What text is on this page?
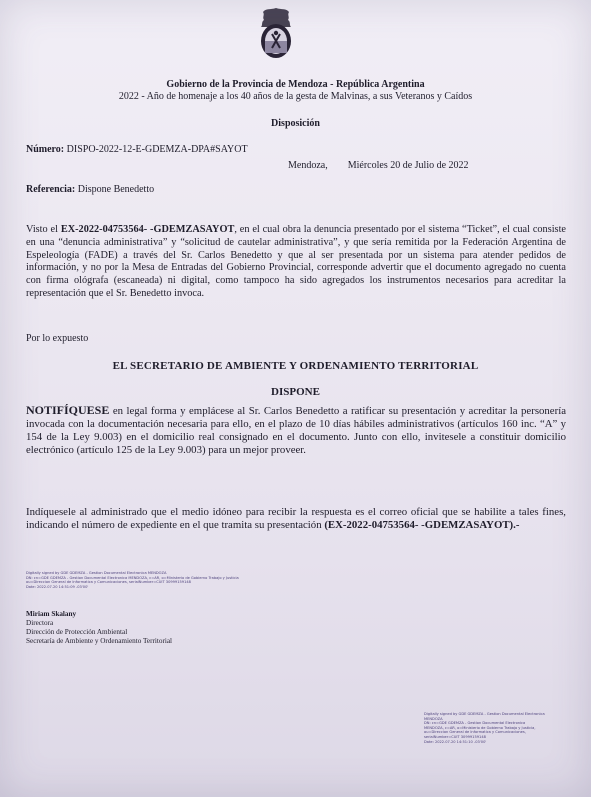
Gobierno de la Provincia de Mendoza - República Argentina
2022 - Año de homenaje a los 40 años de la gesta de Malvinas, a sus Veteranos y Caídos
Disposición
Número: DISPO-2022-12-E-GDEMZA-DPA#SAYOT
Mendoza, Miércoles 20 de Julio de 2022
Referencia: Dispone Benedetto
Visto el EX-2022-04753564- -GDEMZASAYOT, en el cual obra la denuncia presentado por el sistema “Ticket”, el cual consiste en una “denuncia administrativa” y “solicitud de cautelar administrativa”, y que sería remitida por la Federación Argentina de Espeleología (FADE) a través del Sr. Carlos Benedetto y que al ser presentada por un sistema para atender pedidos de información, y no por la Mesa de Entradas del Gobierno Provincial, corresponde advertir que el documento agregado no cuenta con firma ológrafa (escaneada) ni digital, como tampoco ha sido agregados los instrumentos necesarios para acreditar la representación que el Sr. Benedetto invoca.
Por lo expuesto
EL SECRETARIO DE AMBIENTE Y ORDENAMIENTO TERRITORIAL
DISPONE
NOTIFÍQUESE en legal forma y emplácese al Sr. Carlos Benedetto a ratificar su presentación y acreditar la personería invocada con la documentación necesaria para ello, en el plazo de 10 días hábiles administrativos (artículos 160 inc. “A” y 154 de la Ley 9.003) en el domicilio real consignado en el documento. Junto con ello, invitesele a constituir domicilio electrónico (artículo 125 de la Ley 9.003) para un mejor proveer.
Indíquesele al administrado que el medio idóneo para recibir la respuesta es el correo oficial que se habilite a tales fines, indicando el número de expediente en el que tramita su presentación (EX-2022-04753564- -GDEMZASAYOT).-
Digitally signed by GDE GDEMZA - Gestion Documental Electronica MENDOZA
DN: cn=GDE GDEMZA - Gestion Documental Electronica MENDOZA, c=AR, o=Ministerio de Gobierno Trabajo y Justicia
ou=Direccion General de Informatica y Comunicaciones, serialNumber=CUIT 30999159148
Date: 2022.07.20 14:51:09 -03'00'
Miriam Skalany
Directora
Dirección de Protección Ambiental
Secretaría de Ambiente y Ordenamiento Territorial
Digitally signed by GDE GDEMZA - Gestion Documental Electronica
MENDOZA
DN: cn=GDE GDEMZA - Gestion Documental Electronica
MENDOZA, c=AR, o=Ministerio de Gobierno Trabajo y Justicia,
ou=Direccion General de Informatica y Comunicaciones,
serialNumber=CUIT 30999159148
Date: 2022.07.20 14:51:10 -03'00'
